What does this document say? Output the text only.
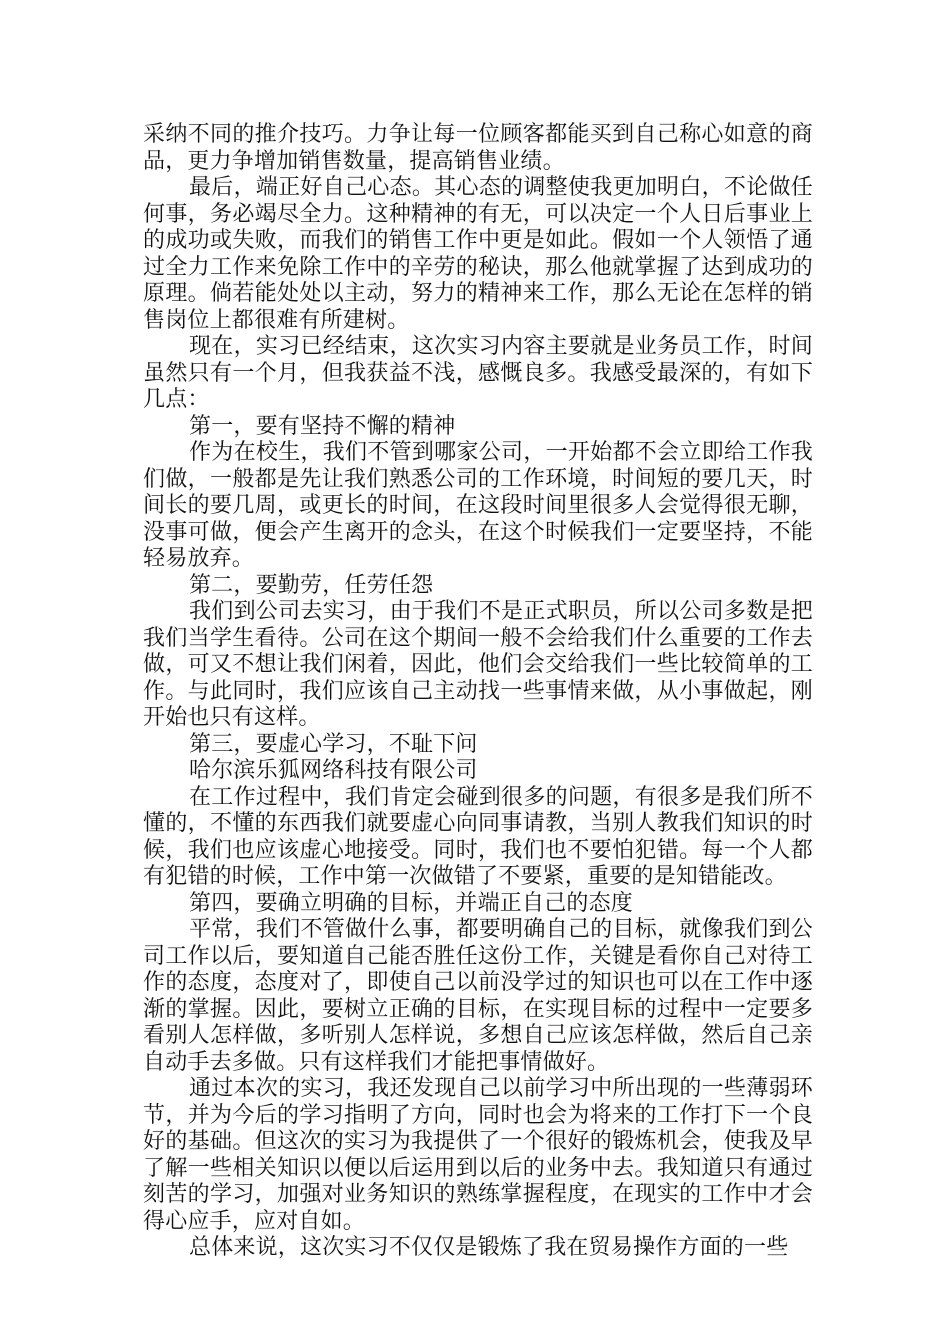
采纳不同的推介技巧。力争让每一位顾客都能买到自己称心如意的商品，更力争增加销售数量，提高销售业绩。

最后，端正好自己心态。其心态的调整使我更加明白，不论做任何事，务必竭尽全力。这种精神的有无，可以决定一个人日后事业上的成功或失败，而我们的销售工作中更是如此。假如一个人领悟了通过全力工作来免除工作中的辛劳的秘诀，那么他就掌握了达到成功的原理。倘若能处处以主动，努力的精神来工作，那么无论在怎样的销售岗位上都很难有所建树。

现在，实习已经结束，这次实习内容主要就是业务员工作，时间虽然只有一个月，但我获益不浅，感慨良多。我感受最深的，有如下几点：

第一，要有坚持不懈的精神

作为在校生，我们不管到哪家公司，一开始都不会立即给工作我们做，一般都是先让我们熟悉公司的工作环境，时间短的要几天，时间长的要几周，或更长的时间，在这段时间里很多人会觉得很无聊，没事可做，便会产生离开的念头，在这个时候我们一定要坚持，不能轻易放弃。

第二，要勤劳，任劳任怨

我们到公司去实习，由于我们不是正式职员，所以公司多数是把我们当学生看待。公司在这个期间一般不会给我们什么重要的工作去做，可又不想让我们闲着，因此，他们会交给我们一些比较简单的工作。与此同时，我们应该自己主动找一些事情来做，从小事做起，刚开始也只有这样。

第三，要虚心学习，不耻下问

哈尔滨乐狐网络科技有限公司

在工作过程中，我们肯定会碰到很多的问题，有很多是我们所不懂的，不懂的东西我们就要虚心向同事请教，当别人教我们知识的时候，我们也应该虚心地接受。同时，我们也不要怕犯错。每一个人都有犯错的时候，工作中第一次做错了不要紧，重要的是知错能改。

第四，要确立明确的目标，并端正自己的态度

平常，我们不管做什么事，都要明确自己的目标，就像我们到公司工作以后，要知道自己能否胜任这份工作，关键是看你自己对待工作的态度，态度对了，即使自己以前没学过的知识也可以在工作中逐渐的掌握。因此，要树立正确的目标，在实现目标的过程中一定要多看别人怎样做，多听别人怎样说，多想自己应该怎样做，然后自己亲自动手去多做。只有这样我们才能把事情做好。

通过本次的实习，我还发现自己以前学习中所出现的一些薄弱环节，并为今后的学习指明了方向，同时也会为将来的工作打下一个良好的基础。但这次的实习为我提供了一个很好的锻炼机会，使我及早了解一些相关知识以便以后运用到以后的业务中去。我知道只有通过刻苦的学习，加强对业务知识的熟练掌握程度，在现实的工作中才会得心应手，应对自如。

总体来说，这次实习不仅仅是锻炼了我在贸易操作方面的一些
